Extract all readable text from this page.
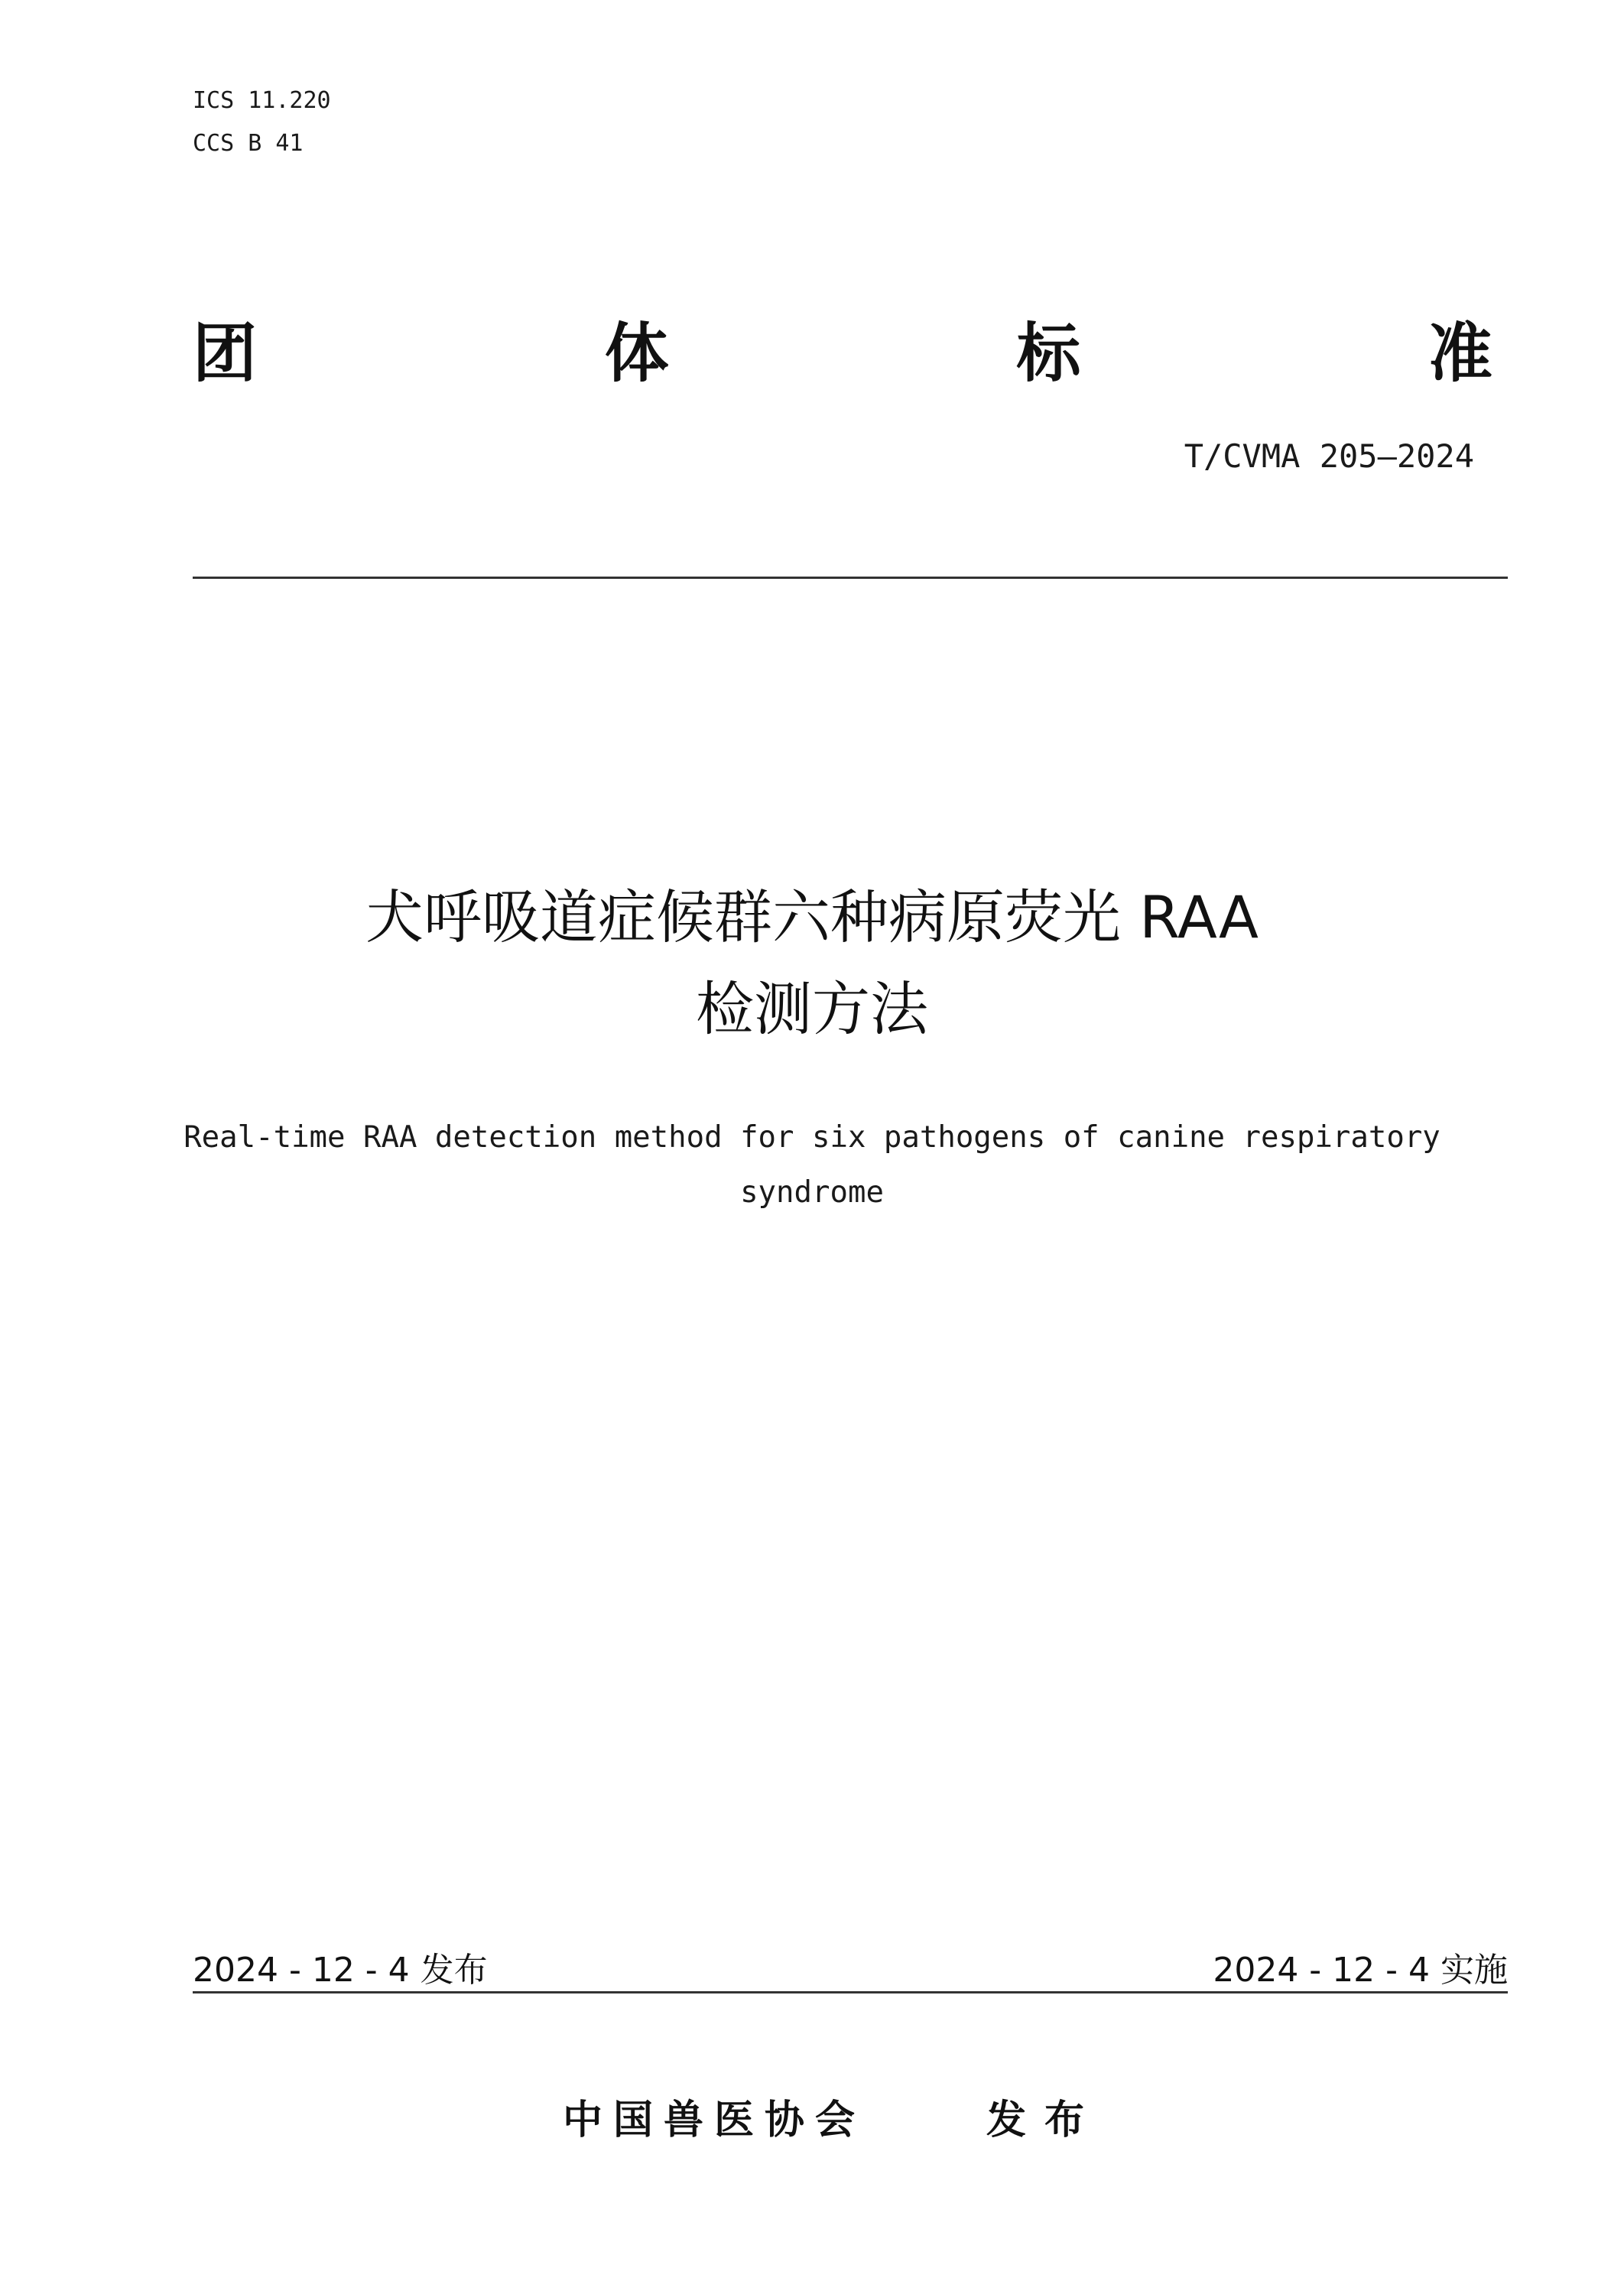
ICS 11.220
CCS B 41
团	体	标	准
T/CVMA 205—2024
犬呼吸道症候群六种病原荧光 RAA
检测方法
Real-time RAA detection method for six pathogens of canine respiratory
syndrome
2024 - 12 - 4 发布	2024 - 12 - 4 实施
中国兽医协会	发布
